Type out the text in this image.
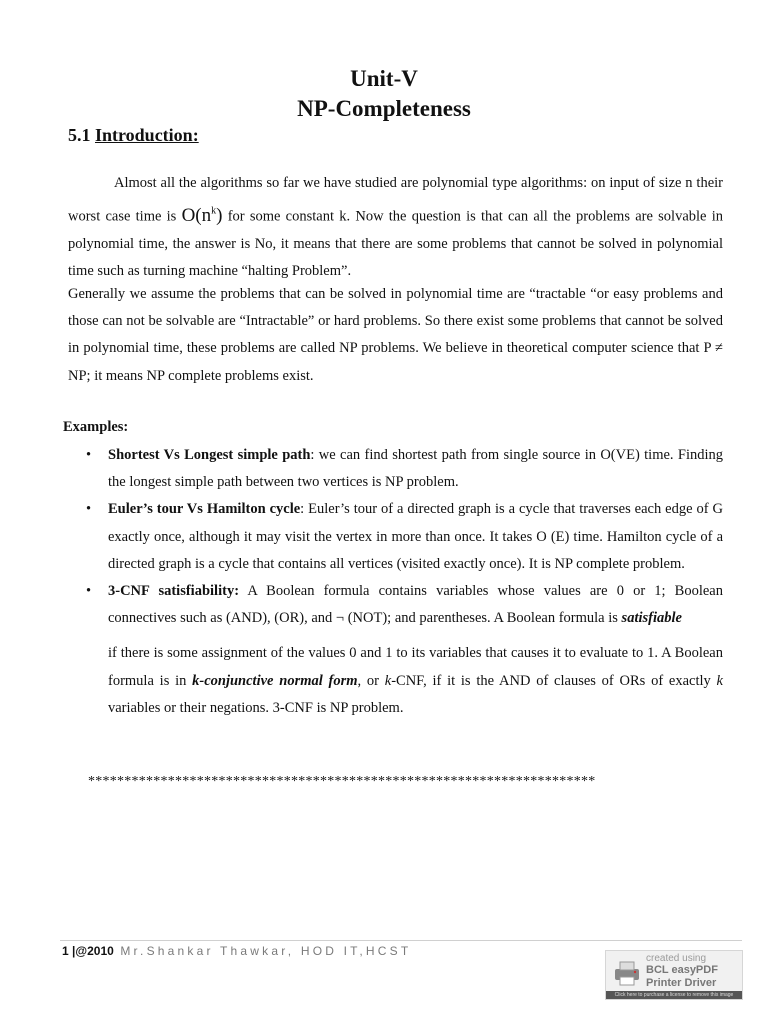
Unit-V
NP-Completeness
5.1 Introduction:
Almost all the algorithms so far we have studied are polynomial type algorithms: on input of size n their worst case time is $O(n^k)$ for some constant k. Now the question is that can all the problems are solvable in polynomial time, the answer is No, it means that there are some problems that cannot be solved in polynomial time such as turning machine “halting Problem”.
Generally we assume the problems that can be solved in polynomial time are “tractable “or easy problems and those can not be solvable are “Intractable” or hard problems. So there exist some problems that cannot be solved in polynomial time, these problems are called NP problems. We believe in theoretical computer science that P ≠ NP; it means NP complete problems exist.
Examples:
• Shortest Vs Longest simple path: we can find shortest path from single source in O(VE) time. Finding the longest simple path between two vertices is NP problem.
• Euler’s tour Vs Hamilton cycle: Euler’s tour of a directed graph is a cycle that traverses each edge of G exactly once, although it may visit the vertex in more than once. It takes O (E) time. Hamilton cycle of a directed graph is a cycle that contains all vertices (visited exactly once). It is NP complete problem.
• 3-CNF satisfiability: A Boolean formula contains variables whose values are 0 or 1; Boolean connectives such as (AND), (OR), and ¬ (NOT); and parentheses. A Boolean formula is satisfiable
if there is some assignment of the values 0 and 1 to its variables that causes it to evaluate to 1. A Boolean formula is in k-conjunctive normal form, or k-CNF, if it is the AND of clauses of ORs of exactly k variables or their negations. 3-CNF is NP problem.
**********************************************************************
1 |@2010 Mr.Shankar Thawkar, HOD IT,HCST
created using
BCL easyPDF
Printer Driver
Click here to purchase a license to remove this image
